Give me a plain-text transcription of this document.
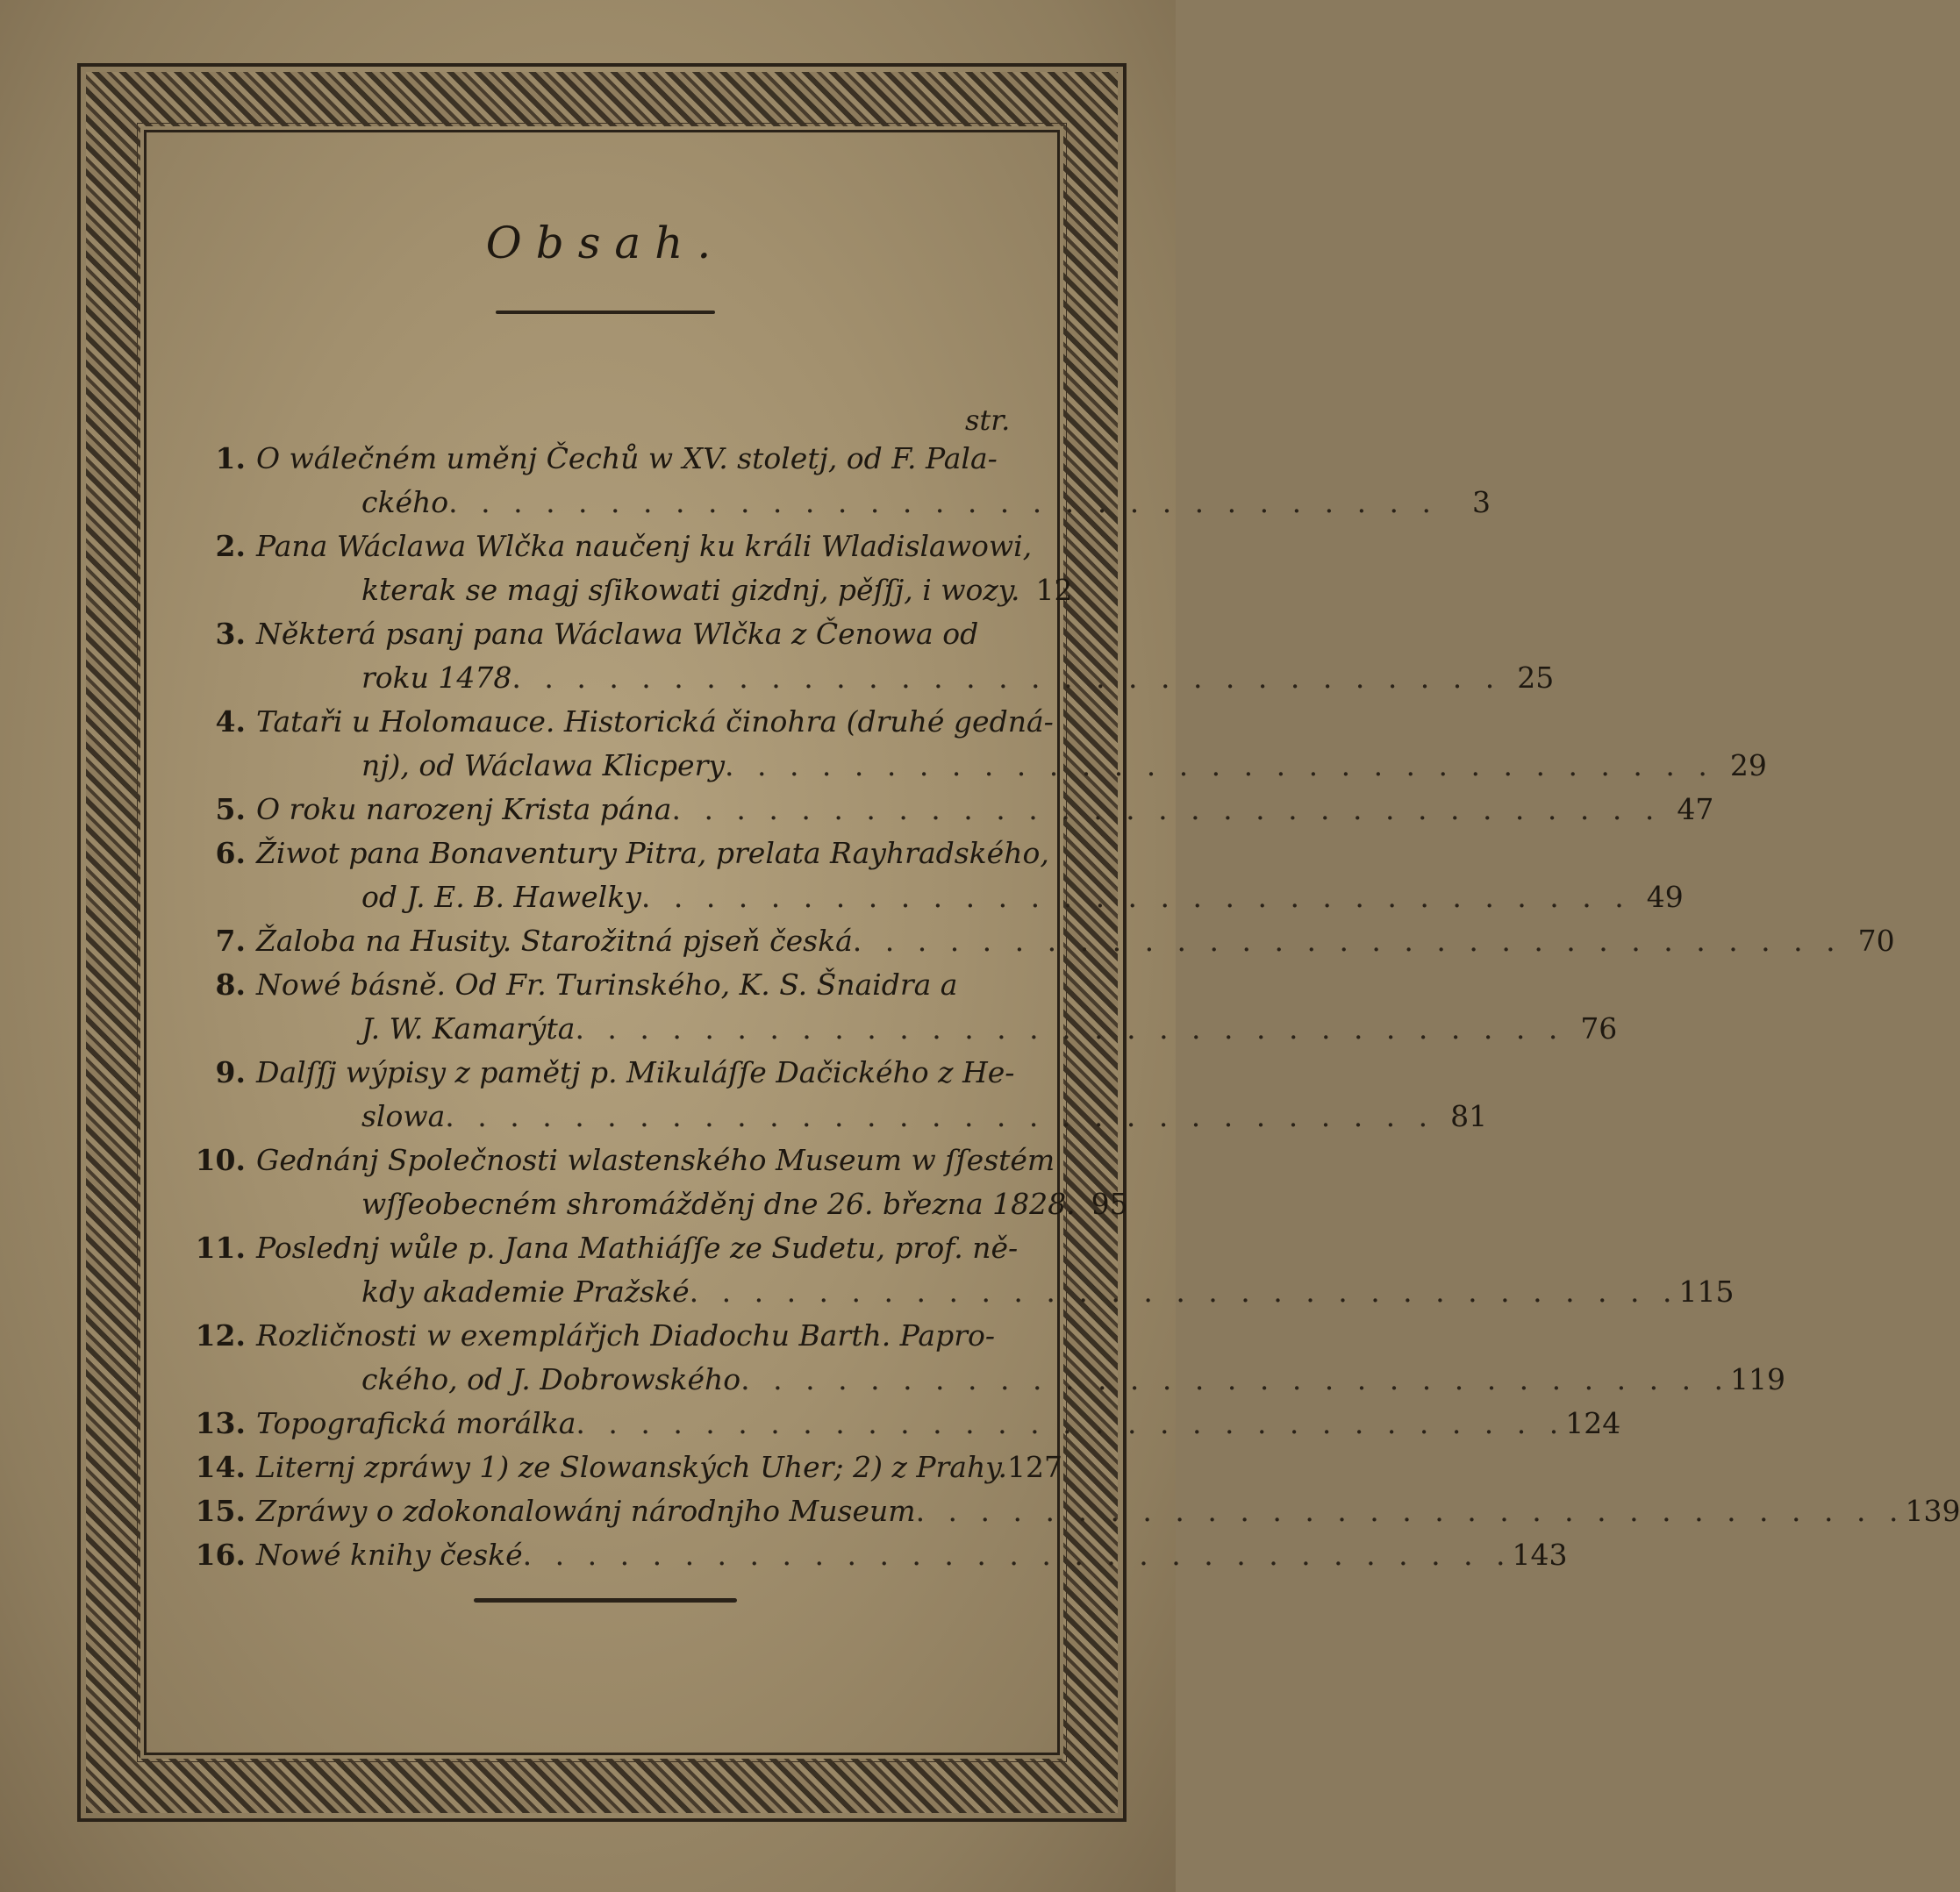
Obsah.
str.
1. O wálečném uměnj Čechů w XV. stoletj, od F. Pala-
ckého . . . . . . . . . . . . . . . . . . . . . . . . . . . . . . .	3
2. Pana Wáclawa Wlčka naučenj ku králi Wladislawowi,
kterak se magj sſikowati gizdnj, pěſſj, i wozy. 12
3. Některá psanj pana Wáclawa Wlčka z Čenowa od
roku 1478 . . . . . . . . . . . . . . . . . . . . . . . . . . . . . . . 25
4. Tataři u Holomauce. Historická činohra (druhé gedná-
nj), od Wáclawa Klicpery . . . . . . . . . . . . . . . . . . . . . . . . . . . . . . . 29
5. O roku narozenj Krista pána . . . . . . . . . . . . . . . . . . . . . . . . . . . . . . . 47
6. Žiwot pana Bonaventury Pitra, prelata Rayhradského,
od J. E. B. Hawelky . . . . . . . . . . . . . . . . . . . . . . . . . . . . . . . 49
7. Žaloba na Husity. Starožitná pjseň česká . . . . . . . . . . . . . . . . . . . . . . . . . . . . . . . 70
8. Nowé básně. Od Fr. Turinského, K. S. Šnaidra a
J. W. Kamarýta . . . . . . . . . . . . . . . . . . . . . . . . . . . . . . . 76
9. Dalſſj wýpisy z pamětj p. Mikuláſſe Dačického z He-
slowa . . . . . . . . . . . . . . . . . . . . . . . . . . . . . . . 81
10. Gednánj Společnosti wlastenského Museum w ſſestém
wſſeobecném shromážděnj dne 26. března 1828. 95
11. Poslednj wůle p. Jana Mathiáſſe ze Sudetu, prof. ně-
kdy akademie Pražské . . . . . . . . . . . . . . . . . . . . . . . . . . . . . . . 115
12. Rozličnosti w exemplářjch Diadochu Barth. Papro-
ckého, od J. Dobrowského . . . . . . . . . . . . . . . . . . . . . . . . . . . . . . . 119
13. Topografická morálka . . . . . . . . . . . . . . . . . . . . . . . . . . . . . . . 124
14. Liternj zpráwy 1) ze Slowanských Uher; 2) z Prahy. 127
15. Zpráwy o zdokonalowánj národnjho Museum . . . . . . . . . . . . . . . . . . . . . . . . . . . . . . . 139
16. Nowé knihy české . . . . . . . . . . . . . . . . . . . . . . . . . . . . . . . 143
